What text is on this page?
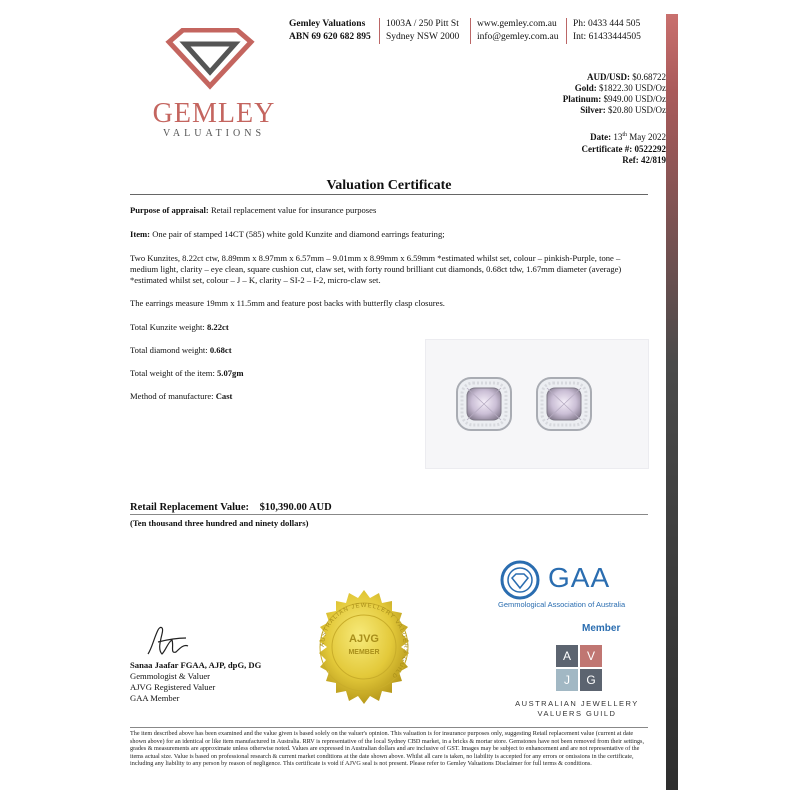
GEMLEY
VALUATIONS
Gemley Valuations
ABN 69 620 682 895
1003A / 250 Pitt St
Sydney NSW 2000
www.gemley.com.au
info@gemley.com.au
Ph: 0433 444 505
Int: 61433444505
AUD/USD: $0.68722
Gold: $1822.30 USD/Oz
Platinum: $949.00 USD/Oz
Silver: $20.80 USD/Oz
Date: 13th May 2022
Certificate #: 0522292
Ref: 42/819
Valuation Certificate

Purpose of appraisal: Retail replacement value for insurance purposes

Item: One pair of stamped 14CT (585) white gold Kunzite and diamond earrings featuring;

Two Kunzites, 8.22ct ctw, 8.89mm x 8.97mm x 6.57mm – 9.01mm x 8.99mm x 6.59mm *estimated whilst set, colour – pinkish-Purple, tone – medium light, clarity – eye clean, square cushion cut, claw set, with forty round brilliant cut diamonds, 0.68ct tdw, 1.67mm diameter (average) *estimated whilst set, colour – J – K, clarity – SI-2 – I-2, micro-claw set.

The earrings measure 19mm x 11.5mm and feature post backs with butterfly clasp closures.

Total Kunzite weight: 8.22ct

Total diamond weight: 0.68ct

Total weight of the item: 5.07gm

Method of manufacture: Cast

Retail Replacement Value: $10,390.00 AUD
(Ten thousand three hundred and ninety dollars)
AUSTRALIAN JEWELLERY VALUERS GUILD
AJVG
MEMBER
Sanaa Jaafar FGAA, AJP, dpG, DG
Gemmologist & Valuer
AJVG Registered Valuer
GAA Member
GAA
Gemmological Association of Australia
Member
A	V
J	G
AUSTRALIAN JEWELLERY
VALUERS GUILD
The item described above has been examined and the value given is based solely on the valuer's opinion. This valuation is for insurance purposes only, suggesting Retail replacement value (current at date shown above) for an identical or like item manufactured in Australia. RRV is representative of the local Sydney CBD market, in a bricks & mortar store. Gemstones have not been removed from their settings, grades & measurements are approximate unless otherwise noted. Values are expressed in Australian dollars and are inclusive of GST. Images may be subject to enhancement and are not representative of the items actual size. Value is based on professional research & current market conditions at the date shown above. Whilst all care is taken, no liability is accepted for any errors or omissions in the certificate, including any liability to any person by reason of negligence. This certificate is void if AJVG seal is not present. Please refer to Gemley Valuations Disclaimer for full terms & conditions.
